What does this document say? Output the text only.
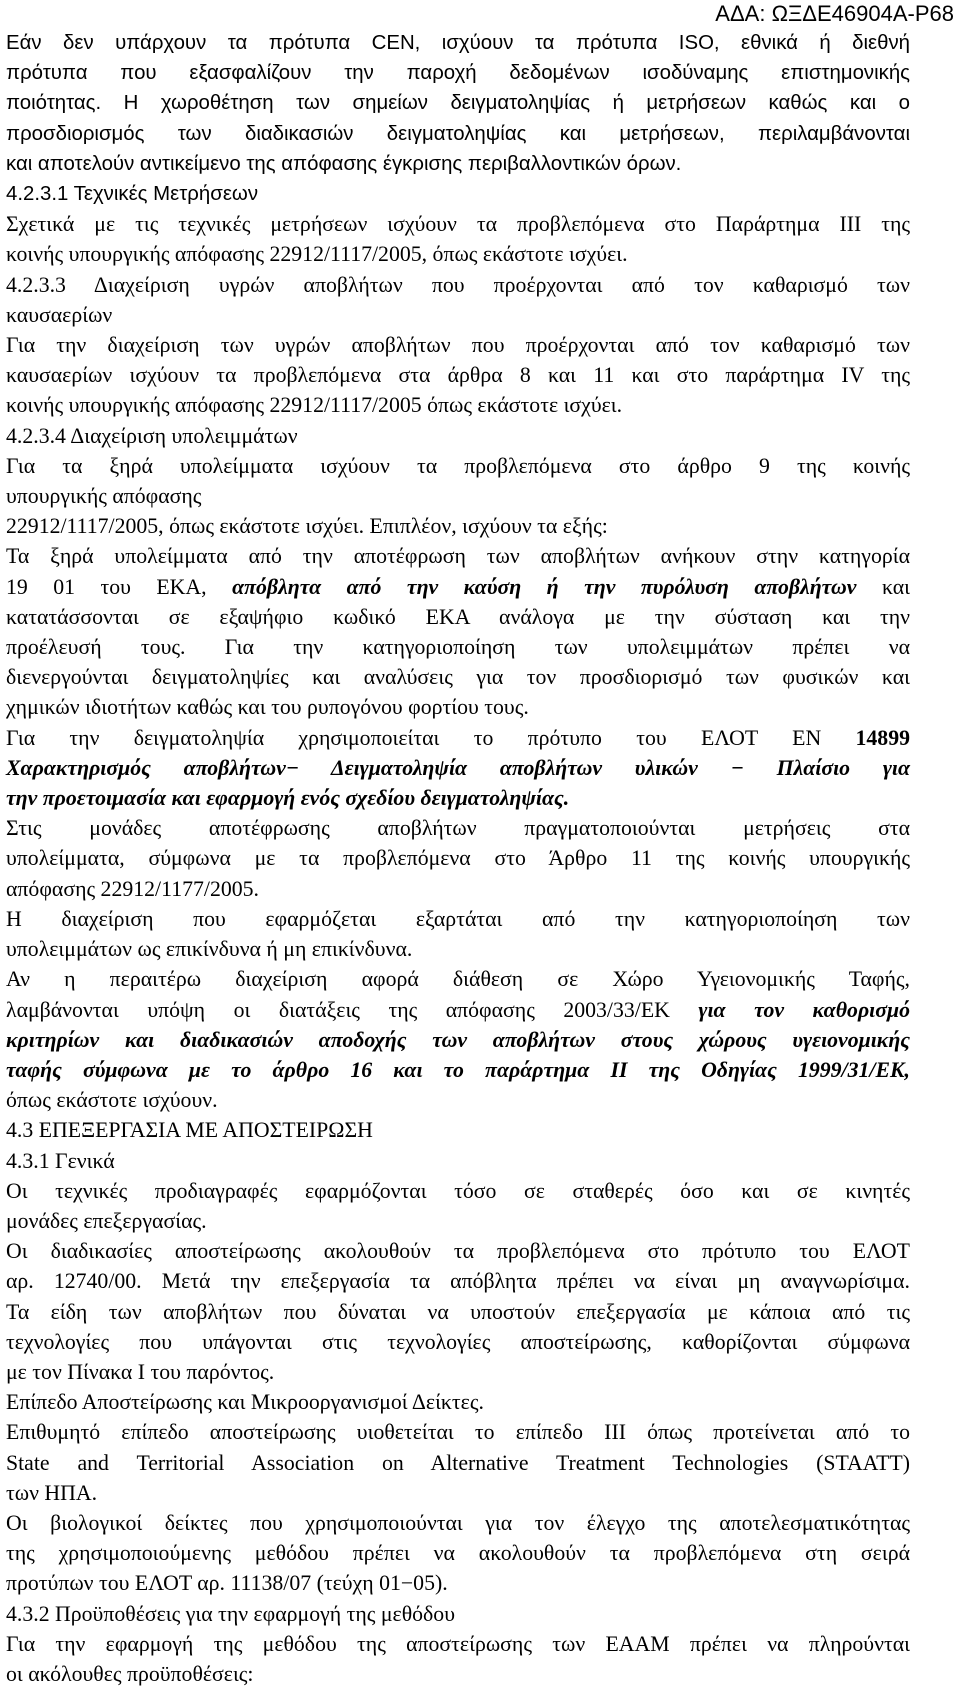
ΑΔΑ: ΩΞΔΕ46904Α-Ρ68
Εάν δεν υπάρχουν τα πρότυπα CEN, ισχύουν τα πρότυπα ISO, εθνικά ή διεθνή
πρότυπα που εξασφαλίζουν την παροχή δεδομένων ισοδύναμης επιστημονικής
ποιότητας. Η χωροθέτηση των σημείων δειγματοληψίας ή μετρήσεων καθώς και ο
προσδιορισμός των διαδικασιών δειγματοληψίας και μετρήσεων, περιλαμβάνονται
και αποτελούν αντικείμενο της απόφασης έγκρισης περιβαλλοντικών όρων.
4.2.3.1 Τεχνικές Μετρήσεων
Σχετικά με τις τεχνικές μετρήσεων ισχύουν τα προβλεπόμενα στο Παράρτημα ΙΙΙ της
κοινής υπουργικής απόφασης 22912/1117/2005, όπως εκάστοτε ισχύει.
4.2.3.3 Διαχείριση υγρών αποβλήτων που προέρχονται από τον καθαρισμό των
καυσαερίων
Για την διαχείριση των υγρών αποβλήτων που προέρχονται από τον καθαρισμό των
καυσαερίων ισχύουν τα προβλεπόμενα στα άρθρα 8 και 11 και στο παράρτημα IV της
κοινής υπουργικής απόφασης 22912/1117/2005 όπως εκάστοτε ισχύει.
4.2.3.4 Διαχείριση υπολειμμάτων
Για τα ξηρά υπολείμματα ισχύουν τα προβλεπόμενα στο άρθρο 9 της κοινής
υπουργικής απόφασης
22912/1117/2005, όπως εκάστοτε ισχύει. Επιπλέον, ισχύουν τα εξής:
Τα ξηρά υπολείμματα από την αποτέφρωση των αποβλήτων ανήκουν στην κατηγορία
19 01 του ΕΚΑ, απόβλητα από την καύση ή την πυρόλυση αποβλήτων και
κατατάσσονται σε εξαψήφιο κωδικό ΕΚΑ ανάλογα με την σύσταση και την
προέλευσή τους. Για την κατηγοριοποίηση των υπολειμμάτων πρέπει να
διενεργούνται δειγματοληψίες και αναλύσεις για τον προσδιορισμό των φυσικών και
χημικών ιδιοτήτων καθώς και του ρυπογόνου φορτίου τους.
Για την δειγματοληψία χρησιμοποιείται το πρότυπο του ΕΛΟΤ ΕΝ 14899
Χαρακτηρισμός αποβλήτων− Δειγματοληψία αποβλήτων υλικών − Πλαίσιο για
την προετοιμασία και εφαρμογή ενός σχεδίου δειγματοληψίας.
Στις μονάδες αποτέφρωσης αποβλήτων πραγματοποιούνται μετρήσεις στα
υπολείμματα, σύμφωνα με τα προβλεπόμενα στο Άρθρο 11 της κοινής υπουργικής
απόφασης 22912/1177/2005.
Η διαχείριση που εφαρμόζεται εξαρτάται από την κατηγοριοποίηση των
υπολειμμάτων ως επικίνδυνα ή μη επικίνδυνα.
Αν η περαιτέρω διαχείριση αφορά διάθεση σε Χώρο Υγειονομικής Ταφής,
λαμβάνονται υπόψη οι διατάξεις της απόφασης 2003/33/ΕΚ για τον καθορισμό
κριτηρίων και διαδικασιών αποδοχής των αποβλήτων στους χώρους υγειονομικής
ταφής σύμφωνα με το άρθρο 16 και το παράρτημα ΙΙ της Οδηγίας 1999/31/ΕΚ,
όπως εκάστοτε ισχύουν.
4.3 ΕΠΕΞΕΡΓΑΣΙΑ ΜΕ ΑΠΟΣΤΕΙΡΩΣΗ
4.3.1 Γενικά
Οι τεχνικές προδιαγραφές εφαρμόζονται τόσο σε σταθερές όσο και σε κινητές
μονάδες επεξεργασίας.
Οι διαδικασίες αποστείρωσης ακολουθούν τα προβλεπόμενα στο πρότυπο του ΕΛΟΤ
αρ. 12740/00. Μετά την επεξεργασία τα απόβλητα πρέπει να είναι μη αναγνωρίσιμα.
Τα είδη των αποβλήτων που δύναται να υποστούν επεξεργασία με κάποια από τις
τεχνολογίες που υπάγονται στις τεχνολογίες αποστείρωσης, καθορίζονται σύμφωνα
με τον Πίνακα Ι του παρόντος.
Επίπεδο Αποστείρωσης και Μικροοργανισμοί Δείκτες.
Επιθυμητό επίπεδο αποστείρωσης υιοθετείται το επίπεδο ΙΙΙ όπως προτείνεται από το
State and Territorial Association on Alternative Treatment Technologies (STAATT)
των ΗΠΑ.
Οι βιολογικοί δείκτες που χρησιμοποιούνται για τον έλεγχο της αποτελεσματικότητας
της χρησιμοποιούμενης μεθόδου πρέπει να ακολουθούν τα προβλεπόμενα στη σειρά
προτύπων του ΕΛΟΤ αρ. 11138/07 (τεύχη 01−05).
4.3.2 Προϋποθέσεις για την εφαρμογή της μεθόδου
Για την εφαρμογή της μεθόδου της αποστείρωσης των ΕΑΑΜ πρέπει να πληρούνται
οι ακόλουθες προϋποθέσεις:
